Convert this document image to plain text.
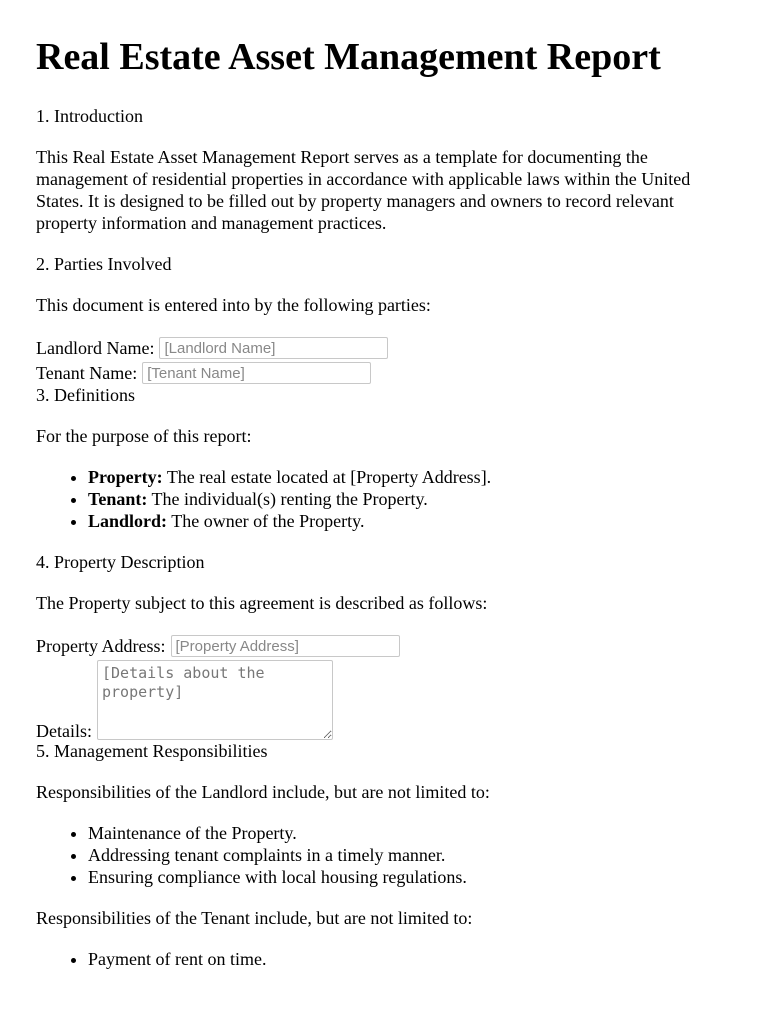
Real Estate Asset Management Report

1. Introduction

This Real Estate Asset Management Report serves as a template for documenting the management of residential properties in accordance with applicable laws within the United States. It is designed to be filled out by property managers and owners to record relevant property information and management practices.

2. Parties Involved

This document is entered into by the following parties:

Landlord Name:
[Landlord Name]
Tenant Name:
[Tenant Name]

3. Definitions

For the purpose of this report:

• Property: The real estate located at [Property Address].
• Tenant: The individual(s) renting the Property.
• Landlord: The owner of the Property.

4. Property Description

The Property subject to this agreement is described as follows:

Property Address:
[Property Address]
Details:
[Details about the property]

5. Management Responsibilities

Responsibilities of the Landlord include, but are not limited to:

• Maintenance of the Property.
• Addressing tenant complaints in a timely manner.
• Ensuring compliance with local housing regulations.

Responsibilities of the Tenant include, but are not limited to:

• Payment of rent on time.
